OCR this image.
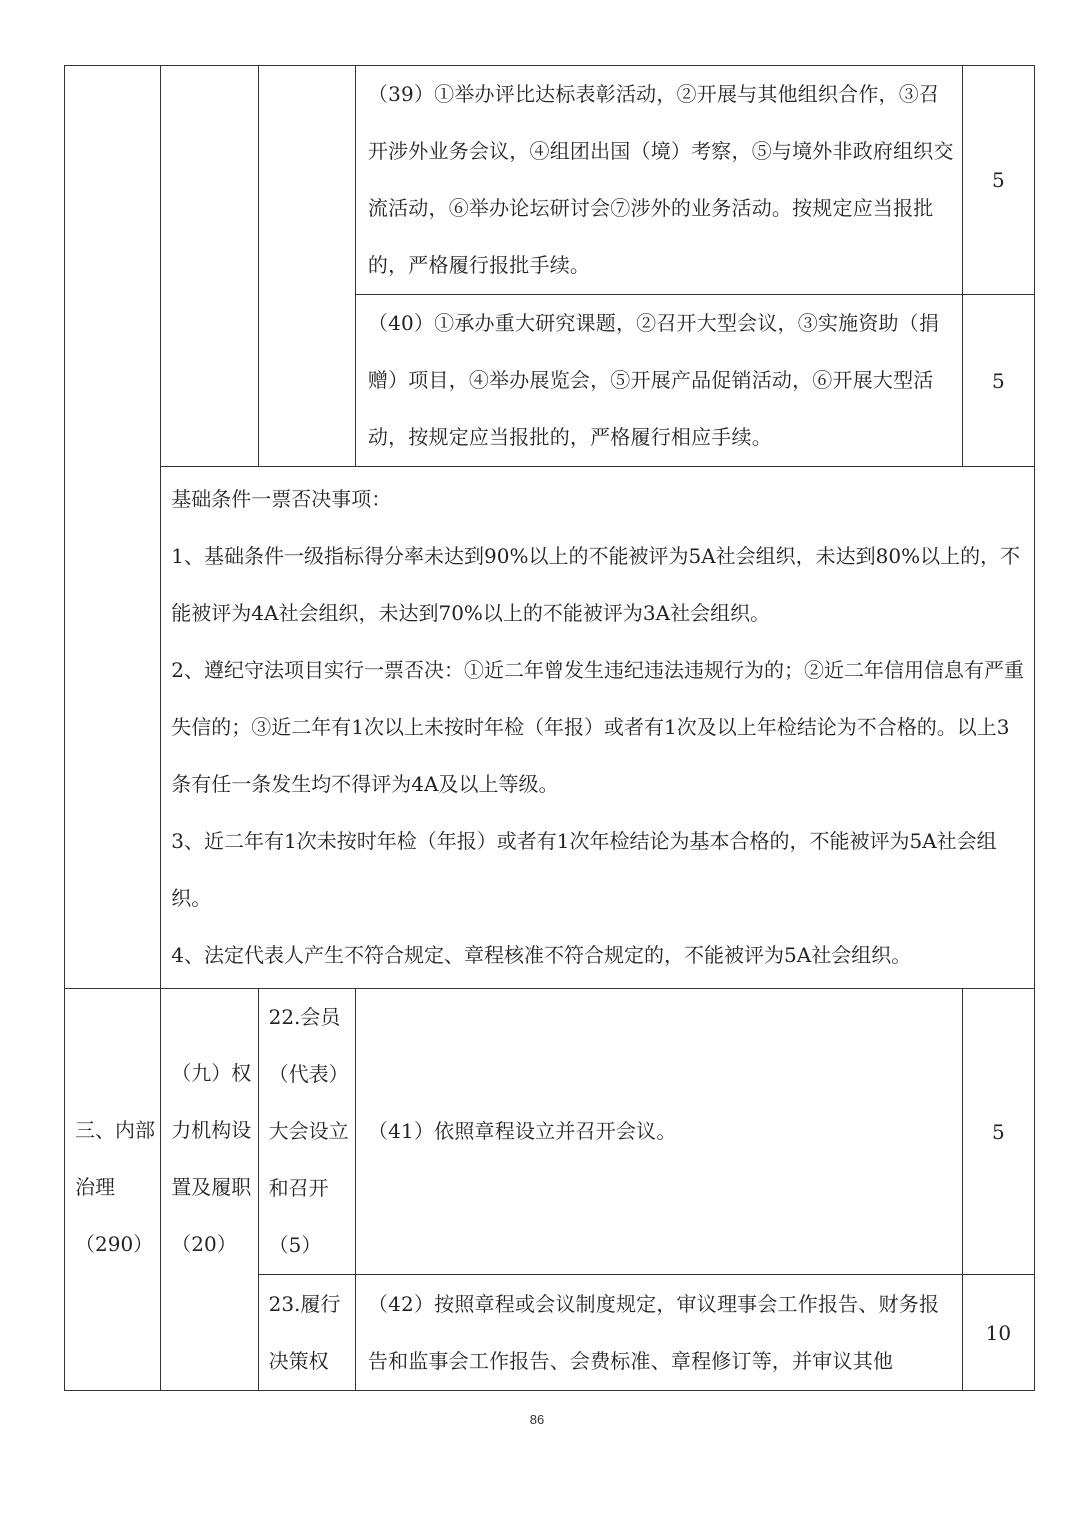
			（39）①举办评比达标表彰活动，②开展与其他组织合作，③召开涉外业务会议，④组团出国（境）考察，⑤与境外非政府组织交流活动，⑥举办论坛研讨会⑦涉外的业务活动。按规定应当报批的，严格履行报批手续。	5

			（40）①承办重大研究课题，②召开大型会议，③实施资助（捐赠）项目，④举办展览会，⑤开展产品促销活动，⑥开展大型活动，按规定应当报批的，严格履行相应手续。	5

	基础条件一票否决事项：

1、基础条件一级指标得分率未达到90%以上的不能被评为5A社会组织，未达到80%以上的，不能被评为4A社会组织，未达到70%以上的不能被评为3A社会组织。

2、遵纪守法项目实行一票否决：①近二年曾发生违纪违法违规行为的；②近二年信用信息有严重失信的；③近二年有1次以上未按时年检（年报）或者有1次及以上年检结论为不合格的。以上3条有任一条发生均不得评为4A及以上等级。

3、近二年有1次未按时年检（年报）或者有1次年检结论为基本合格的，不能被评为5A社会组织。

4、法定代表人产生不符合规定、章程核准不符合规定的，不能被评为5A社会组织。			

三、内部治理（290）	（九）权力机构设置及履职（20）	22.会员（代表）大会设立和召开（5）	（41）依照章程设立并召开会议。	5

		23.履行决策权	（42）按照章程或会议制度规定，审议理事会工作报告、财务报告和监事会工作报告、会费标准、章程修订等，并审议其他	10
86
